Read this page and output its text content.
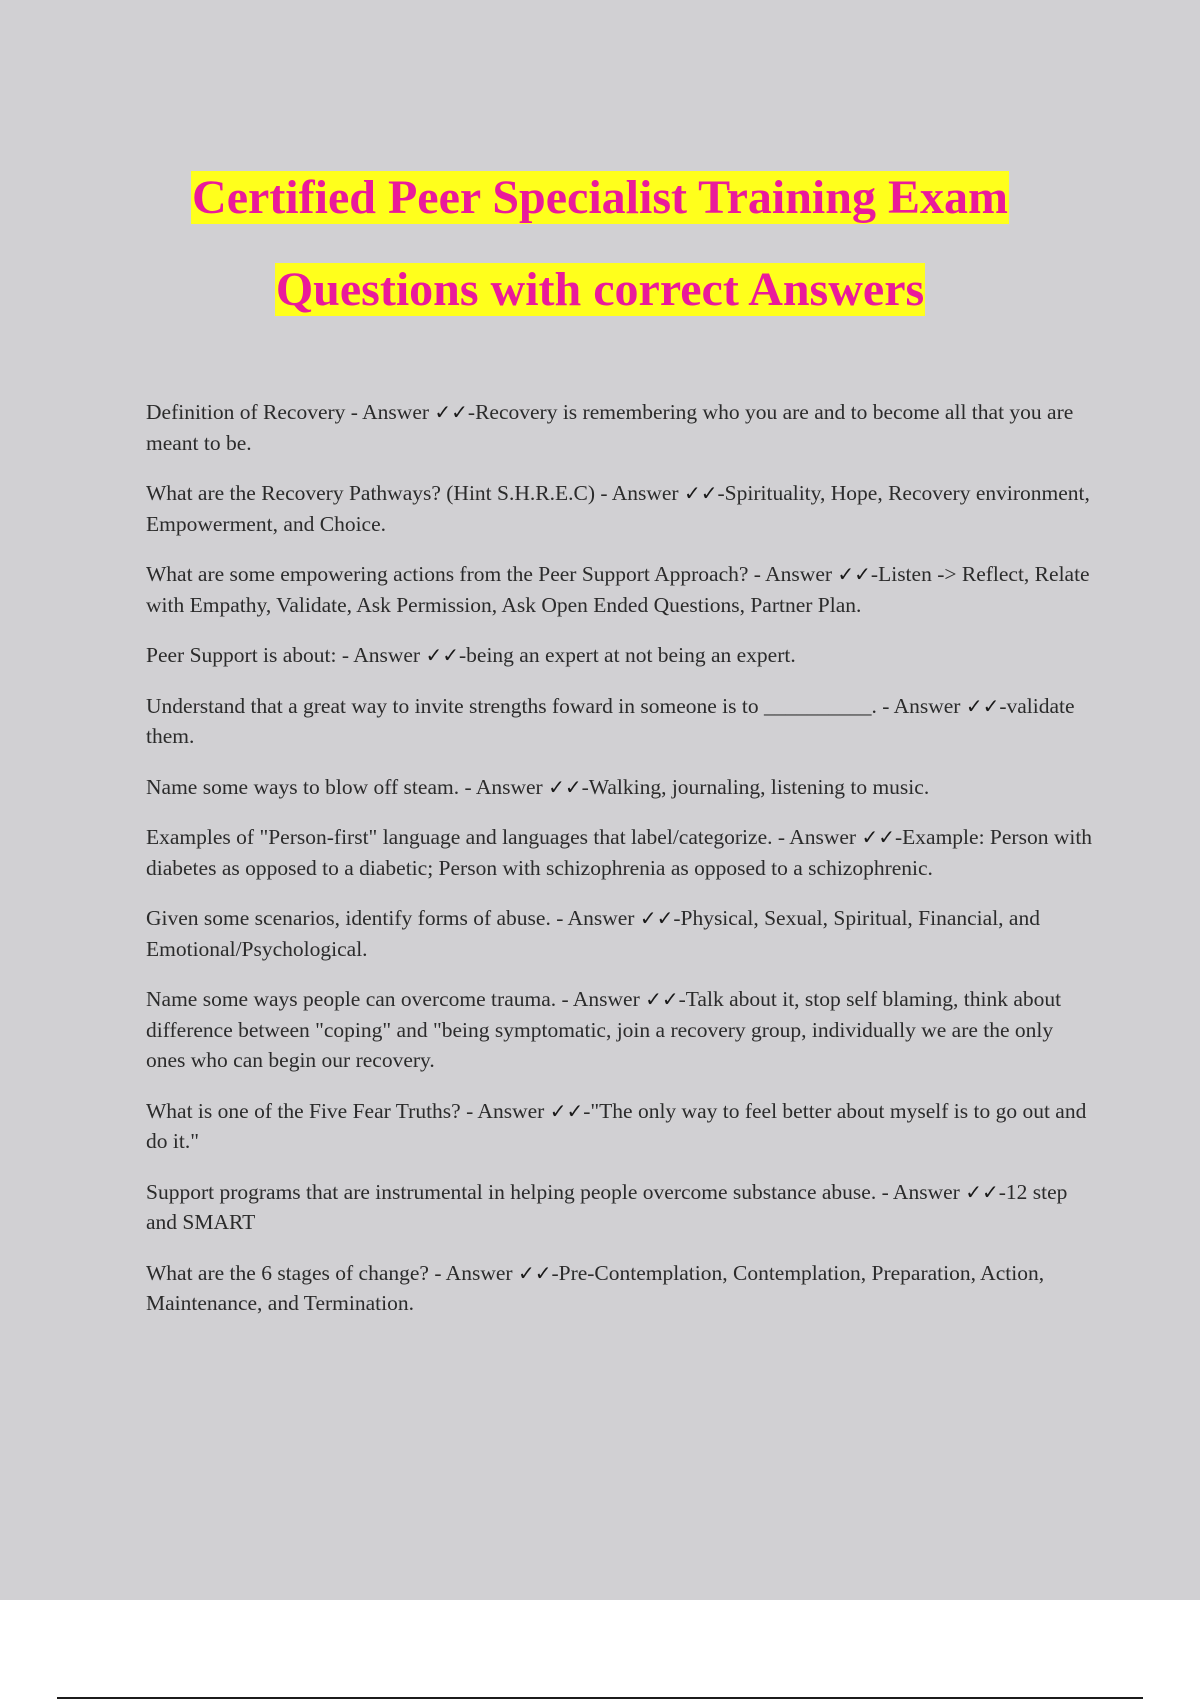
Certified Peer Specialist Training Exam
Questions with correct Answers
Definition of Recovery - Answer ✓✓-Recovery is remembering who you are and to become all that you are meant to be.
What are the Recovery Pathways? (Hint S.H.R.E.C) - Answer ✓✓-Spirituality, Hope, Recovery environment, Empowerment, and Choice.
What are some empowering actions from the Peer Support Approach? - Answer ✓✓-Listen -> Reflect, Relate with Empathy, Validate, Ask Permission, Ask Open Ended Questions, Partner Plan.
Peer Support is about: - Answer ✓✓-being an expert at not being an expert.
Understand that a great way to invite strengths foward in someone is to __________. - Answer ✓✓-validate them.
Name some ways to blow off steam. - Answer ✓✓-Walking, journaling, listening to music.
Examples of "Person-first" language and languages that label/categorize. - Answer ✓✓-Example: Person with diabetes as opposed to a diabetic; Person with schizophrenia as opposed to a schizophrenic.
Given some scenarios, identify forms of abuse. - Answer ✓✓-Physical, Sexual, Spiritual, Financial, and Emotional/Psychological.
Name some ways people can overcome trauma. - Answer ✓✓-Talk about it, stop self blaming, think about difference between "coping" and "being symptomatic, join a recovery group, individually we are the only ones who can begin our recovery.
What is one of the Five Fear Truths? - Answer ✓✓-"The only way to feel better about myself is to go out and do it."
Support programs that are instrumental in helping people overcome substance abuse. - Answer ✓✓-12 step and SMART
What are the 6 stages of change? - Answer ✓✓-Pre-Contemplation, Contemplation, Preparation, Action, Maintenance, and Termination.
